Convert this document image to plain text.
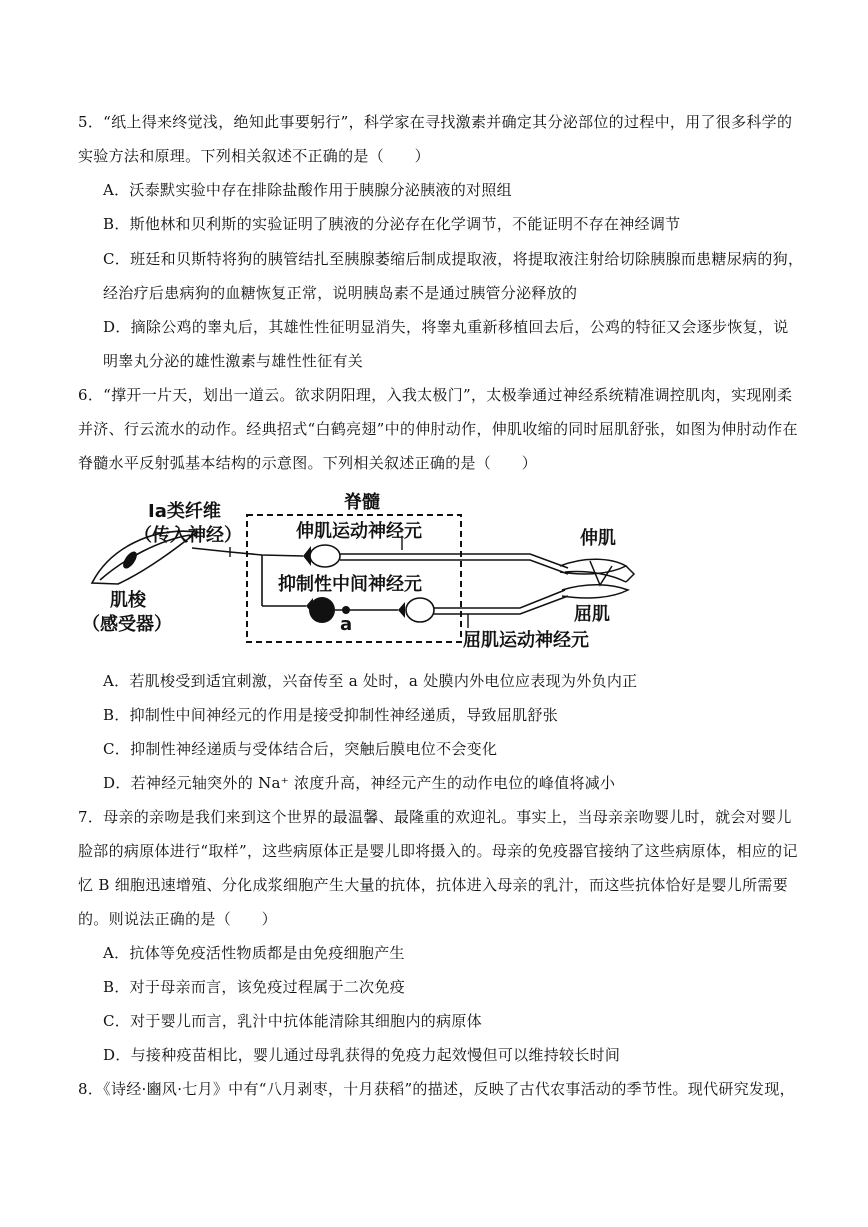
5．“纸上得来终觉浅，绝知此事要躬行”，科学家在寻找激素并确定其分泌部位的过程中，用了很多科学的
实验方法和原理。下列相关叙述不正确的是（　　）
A．沃泰默实验中存在排除盐酸作用于胰腺分泌胰液的对照组
B．斯他林和贝利斯的实验证明了胰液的分泌存在化学调节，不能证明不存在神经调节
C．班廷和贝斯特将狗的胰管结扎至胰腺萎缩后制成提取液，将提取液注射给切除胰腺而患糖尿病的狗，
经治疗后患病狗的血糖恢复正常，说明胰岛素不是通过胰管分泌释放的
D．摘除公鸡的睾丸后，其雄性性征明显消失，将睾丸重新移植回去后，公鸡的特征又会逐步恢复，说
明睾丸分泌的雄性激素与雄性性征有关
6．“撑开一片天，划出一道云。欲求阴阳理，入我太极门”，太极拳通过神经系统精准调控肌肉，实现刚柔
并济、行云流水的动作。经典招式“白鹤亮翅”中的伸肘动作，伸肌收缩的同时屈肌舒张，如图为伸肘动作在
脊髓水平反射弧基本结构的示意图。下列相关叙述正确的是（　　）
Ia类纤维
（传入神经）
脊髓
伸肌运动神经元
抑制性中间神经元
a
肌梭
（感受器）
伸肌
屈肌
屈肌运动神经元
A．若肌梭受到适宜刺激，兴奋传至 a 处时，a 处膜内外电位应表现为外负内正
B．抑制性中间神经元的作用是接受抑制性神经递质，导致屈肌舒张
C．抑制性神经递质与受体结合后，突触后膜电位不会变化
D．若神经元轴突外的 Na⁺ 浓度升高，神经元产生的动作电位的峰值将减小
7．母亲的亲吻是我们来到这个世界的最温馨、最隆重的欢迎礼。事实上，当母亲亲吻婴儿时，就会对婴儿
脸部的病原体进行“取样”，这些病原体正是婴儿即将摄入的。母亲的免疫器官接纳了这些病原体，相应的记
忆 B 细胞迅速增殖、分化成浆细胞产生大量的抗体，抗体进入母亲的乳汁，而这些抗体恰好是婴儿所需要
的。则说法正确的是（　　）
A．抗体等免疫活性物质都是由免疫细胞产生
B．对于母亲而言，该免疫过程属于二次免疫
C．对于婴儿而言，乳汁中抗体能清除其细胞内的病原体
D．与接种疫苗相比，婴儿通过母乳获得的免疫力起效慢但可以维持较长时间
8．《诗经·豳风·七月》中有“八月剥枣，十月获稻”的描述，反映了古代农事活动的季节性。现代研究发现，
